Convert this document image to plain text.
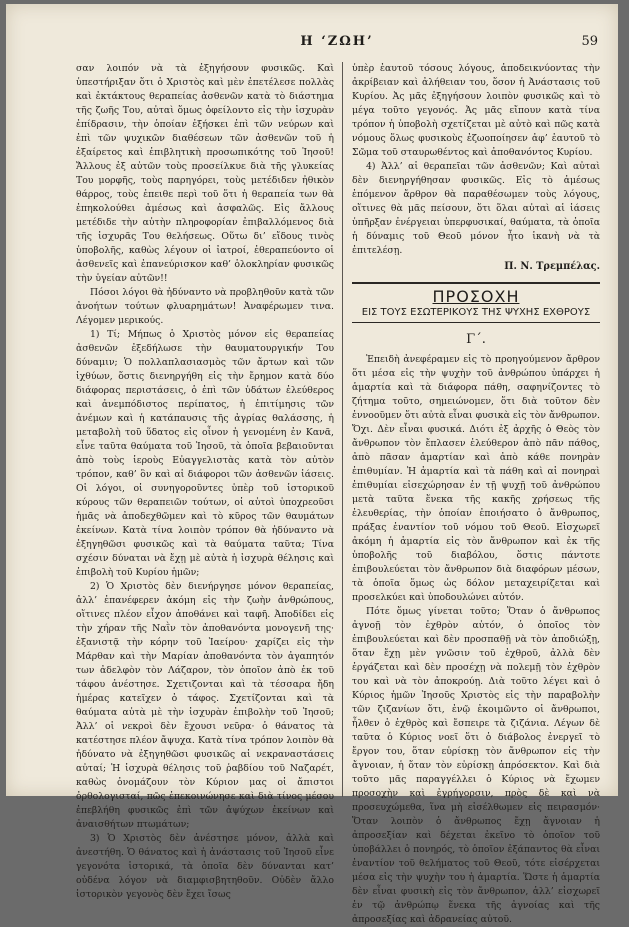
Η ‘ΖΩΗ’	59

σαν λοιπόν νὰ τὰ ἐξηγήσουν φυσικῶς. Καὶ ὑπεστήριξαν ὅτι ὁ Χριστὸς καὶ μὲν ἐπετέλεσε πολλὰς καὶ ἐκτάκτους θεραπείας ἀσθενῶν κατὰ τὸ διάστημα τῆς ζωῆς Του, αὐταὶ ὅμως ὀφείλοντο εἰς τὴν ἰσχυρὰν ἐπίδρασιν, τὴν ὁποίαν ἐξήσκει ἐπὶ τῶν νεύρων καὶ ἐπὶ τῶν ψυχικῶν διαθέσεων τῶν ἀσθενῶν τοῦ ἡ ἐξαίρετος καὶ ἐπιβλητικὴ προσωπικότης τοῦ Ἰησοῦ! Ἄλλους ἐξ αὐτῶν τοὺς προσείλκυε διὰ τῆς γλυκείας Του μορφῆς, τοὺς παρηγόρει, τοὺς μετέδιδεν ἠθικὸν θάρρος, τοὺς ἐπειθε περὶ τοῦ ὅτι ἡ θεραπεία των θὰ ἐπηκολούθει ἀμέσως καὶ ἀσφαλῶς. Εἰς ἄλλους μετέδιδε τὴν αὐτὴν πληροφορίαν ἐπιβαλλόμενος διὰ τῆς ἰσχυρᾶς Του θελήσεως. Οὕτω δι’ εἴδους τινὸς ὑποβολῆς, καθὼς λέγουν οἱ ἰατροί, ἐθεραπεύοντο οἱ ἀσθενεῖς καὶ ἐπανεύρισκον καθ’ ὁλοκληρίαν φυσικῶς τὴν ὑγείαν αὐτῶν!!

Πόσοι λόγοι θὰ ἠδύναντο νὰ προβληθοῦν κατὰ τῶν ἀνοήτων τούτων φλυαρημάτων! Ἀναφέρωμεν τινα. Λέγομεν μερικούς.

1) Τί; Μήπως ὁ Χριστὸς μόνον εἰς θεραπείας ἀσθενῶν ἐξεδήλωσε τὴν θαυματουργικήν Του δύναμιν; Ὁ πολλαπλασιασμὸς τῶν ἄρτων καὶ τῶν ἰχθύων, ὅστις διενηργήθη εἰς τὴν ἔρημον κατὰ δύο διάφορας περιστάσεις, ὁ ἐπὶ τῶν ὑδάτων ἐλεύθερος καὶ ἀνεμπόδιστος περίπατος, ἡ ἐπιτίμησις τῶν ἀνέμων καὶ ἡ κατάπαυσις τῆς ἀγρίας θαλάσσης, ἡ μεταβολὴ τοῦ ὕδατος εἰς οἶνον ἡ γενομένη ἐν Κανᾶ, εἶνε ταῦτα θαύματα τοῦ Ἰησοῦ, τὰ ὁποῖα βεβαιοῦνται ἀπὸ τοὺς ἱεροὺς Εὐαγγελιστὰς κατὰ τὸν αὐτὸν τρόπον, καθ’ ὃν καὶ αἱ διάφοροι τῶν ἀσθενῶν ἰάσεις. Οἱ λόγοι, οἱ συνηγοροῦντες ὑπὲρ τοῦ ἱστορικοῦ κύρους τῶν θεραπειῶν τούτων, οἱ αὐτοὶ ὑποχρεοῦσι ἡμᾶς νὰ ἀποδεχθῶμεν καὶ τὸ κῦρος τῶν θαυμάτων ἐκείνων. Κατὰ τίνα λοιπὸν τρόπον θὰ ἠδύναντο νὰ ἐξηγηθῶσι φυσικῶς καὶ τὰ θαύματα ταῦτα; Τίνα σχέσιν δύναται νὰ ἔχῃ μὲ αὐτὰ ἡ ἰσχυρὰ θέλησις καὶ ἐπιβολὴ τοῦ Κυρίου ἡμῶν;

2) Ὁ Χριστὸς δὲν διενήργησε μόνον θεραπείας, ἀλλ’ ἐπανέφερεν ἀκόμη εἰς τὴν ζωὴν ἀνθρώπους, οἵτινες πλέον εἶχον ἀποθάνει καὶ ταφῆ. Ἀποδίδει εἰς τὴν χήραν τῆς Ναῒν τὸν ἀποθανόντα μονογενῆ της· ἐξανιστᾷ τὴν κόρην τοῦ Ἰαείρου· χαρίζει εἰς τὴν Μάρθαν καὶ τὴν Μαρίαν ἀποθανόντα τὸν ἀγαπητόν των ἀδελφὸν τὸν Λάζαρον, τὸν ὁποῖον ἀπὸ ἐκ τοῦ τάφου ἀνέστησε. Σχετιζονται καὶ τὰ τέσσαρα ἤδη ἡμέρας κατεῖχεν ὁ τάφος. Σχετίζονται καὶ τὰ θαύματα αὐτὰ μὲ τὴν ἰσχυρὰν ἐπιβολὴν τοῦ Ἰησοῦ; Ἀλλ’ οἱ νεκροὶ δὲν ἔχουσι νεῦρα· ὁ θάνατος τὰ κατέστησε πλέον ἄψυχα. Κατὰ τίνα τρόπον λοιπὸν θὰ ἠδύνατο νὰ ἐξηγηθῶσι φυσικῶς αἱ νεκραναστάσεις αὐταί; Ἡ ἰσχυρὰ θέλησις τοῦ ῥαβδίου τοῦ Ναζαρέτ, καθὼς ὀνομάζουν τὸν Κύριον μας οἱ ἄπιστοι ὀρθολογισταί, πῶς ἐπεκοινώνησε καὶ διὰ τίνος μέσου ἐπεβλήθη φυσικῶς ἐπὶ τῶν ἀψύχων ἐκείνων καὶ ἀναισθήτων πτωμάτων;

3) Ὁ Χριστὸς δὲν ἀνέστησε μόνον, ἀλλὰ καὶ ἀνεστήθη. Ὁ θάνατος καὶ ἡ ἀνάστασις τοῦ Ἰησοῦ εἶνε γεγονότα ἱστορικά, τὰ ὁποῖα δὲν δύνανται κατ’ οὐδένα λόγον νὰ διαμφισβητηθοῦν. Οὐδὲν ἄλλο ἱστορικὸν γεγονὸς δὲν ἔχει ἴσως

ὑπὲρ ἑαυτοῦ τόσους λόγους, ἀποδεικνύοντας τὴν ἀκρίβειαν καὶ ἀλήθειαν του, ὅσον ἡ Ἀνάστασις τοῦ Κυρίου. Ἀς μᾶς ἐξηγήσουν λοιπὸν φυσικῶς καὶ τὸ μέγα τοῦτο γεγονός. Ἀς μᾶς εἴπουν κατὰ τίνα τρόπον ἡ ὑποβολὴ σχετίζεται μὲ αὐτὸ καὶ πῶς κατὰ νόμους ὅλως φυσικοὺς ἐζωοποίησεν ἀφ’ ἑαυτοῦ τὸ Σῶμα τοῦ σταυρωθέντος καὶ ἀποθανόντος Κυρίου.

4) Ἀλλ’ αἱ θεραπεῖαι τῶν ἀσθενῶν; Καὶ αὐταὶ δὲν διενηργήθησαν φυσικῶς. Εἰς τὸ ἀμέσως ἑπόμενον ἄρθρον θὰ παραθέσωμεν τοὺς λόγους, οἵτινες θὰ μᾶς πείσουν, ὅτι ὅλαι αὐταὶ αἱ ἰάσεις ὑπῆρξαν ἐνέργειαι ὑπερφυσικαί, θαύματα, τὰ ὁποῖα ἡ δύναμις τοῦ Θεοῦ μόνον ἦτο ἱκανὴ νὰ τὰ ἐπιτελέσῃ.

Π. Ν. Τρεμπέλας.
ΠΡΟΣΟΧΗ
ΕΙΣ ΤΟΥΣ ΕΣΩΤΕΡΙΚΟΥΣ ΤΗΣ ΨΥΧΗΣ ΕΧΘΡΟΥΣ
Γ΄.

Ἐπειδὴ ἀνεφέραμεν εἰς τὸ προηγούμενον ἄρθρον ὅτι μέσα εἰς τὴν ψυχὴν τοῦ ἀνθρώπου ὑπάρχει ἡ ἁμαρτία καὶ τὰ διάφορα πάθη, σαφηνίζοντες τὸ ζήτημα τοῦτο, σημειώνομεν, ὅτι διὰ τοῦτον δὲν ἐννοοῦμεν ὅτι αὐτὰ εἶναι φυσικὰ εἰς τὸν ἄνθρωπον. Ὄχι. Δὲν εἶναι φυσικά. Διότι ἐξ ἀρχῆς ὁ Θεὸς τὸν ἄνθρωπον τὸν ἔπλασεν ἐλεύθερον ἀπὸ πᾶν πάθος, ἀπὸ πᾶσαν ἁμαρτίαν καὶ ἀπὸ κάθε πονηρὰν ἐπιθυμίαν. Ἡ ἁμαρτία καὶ τὰ πάθη καὶ αἱ πονηραὶ ἐπιθυμίαι εἰσεχώρησαν ἐν τῇ ψυχῇ τοῦ ἀνθρώπου μετὰ ταῦτα ἕνεκα τῆς κακῆς χρήσεως τῆς ἐλευθερίας, τὴν ὁποίαν ἐποιήσατο ὁ ἄνθρωπος, πράξας ἐναντίον τοῦ νόμου τοῦ Θεοῦ. Εἰσχωρεῖ ἀκόμη ἡ ἁμαρτία εἰς τὸν ἄνθρωπον καὶ ἐκ τῆς ὑποβολῆς τοῦ διαβόλου, ὅστις πάντοτε ἐπιβουλεύεται τὸν ἄνθρωπον διὰ διαφόρων μέσων, τὰ ὁποῖα ὅμως ὡς δόλον μεταχειρίζεται καὶ προσελκύει καὶ ὑποδουλώνει αὐτόν.

Πότε ὅμως γίνεται τοῦτο; Ὅταν ὁ ἄνθρωπος ἀγνοῇ τὸν ἐχθρὸν αὐτόν, ὁ ὁποῖος τὸν ἐπιβουλεύεται καὶ δὲν προσπαθῇ νὰ τὸν ἀποδιώξῃ, ὅταν ἔχῃ μὲν γνῶσιν τοῦ ἐχθροῦ, ἀλλὰ δὲν ἐργάζεται καὶ δὲν προσέχῃ νὰ πολεμῇ τὸν ἐχθρὸν του καὶ νὰ τὸν ἀποκρούῃ. Διὰ τοῦτο λέγει καὶ ὁ Κύριος ἡμῶν Ἰησοῦς Χριστὸς εἰς τὴν παραβολὴν τῶν ζιζανίων ὅτι, ἐνῷ ἐκοιμῶντο οἱ ἄνθρωποι, ἦλθεν ὁ ἐχθρὸς καὶ ἔσπειρε τὰ ζιζάνια. Λέγων δὲ ταῦτα ὁ Κύριος νοεῖ ὅτι ὁ διάβολος ἐνεργεῖ τὸ ἔργον του, ὅταν εὑρίσκῃ τὸν ἄνθρωπον εἰς τὴν ἄγνοιαν, ἡ ὅταν τὸν εὑρίσκῃ ἀπρόσεκτον. Καὶ διὰ τοῦτο μᾶς παραγγέλλει ὁ Κύριος νὰ ἔχωμεν προσοχὴν καὶ ἐγρήγορσιν, πρὸς δὲ καὶ νὰ προσευχώμεθα, ἵνα μὴ εἰσέλθωμεν εἰς πειρασμόν· Ὅταν λοιπὸν ὁ ἄνθρωπος ἔχῃ ἄγνοιαν ἡ ἀπροσεξίαν καὶ δέχεται ἐκεῖνο τὸ ὁποῖον τοῦ ὑποβάλλει ὁ πονηρός, τὸ ὁποῖον ἐξάπαντος θὰ εἶναι ἐναντίον τοῦ θελήματος τοῦ Θεοῦ, τότε εἰσέρχεται μέσα εἰς τὴν ψυχὴν του ἡ ἁμαρτία. Ὥστε ἡ ἁμαρτία δὲν εἶναι φυσικὴ εἰς τὸν ἄνθρωπον, ἀλλ’ εἰσχωρεῖ ἐν τῷ ἀνθρώπῳ ἕνεκα τῆς ἀγνοίας καὶ τῆς ἀπροσεξίας καὶ ἀδρανείας αὐτοῦ.
